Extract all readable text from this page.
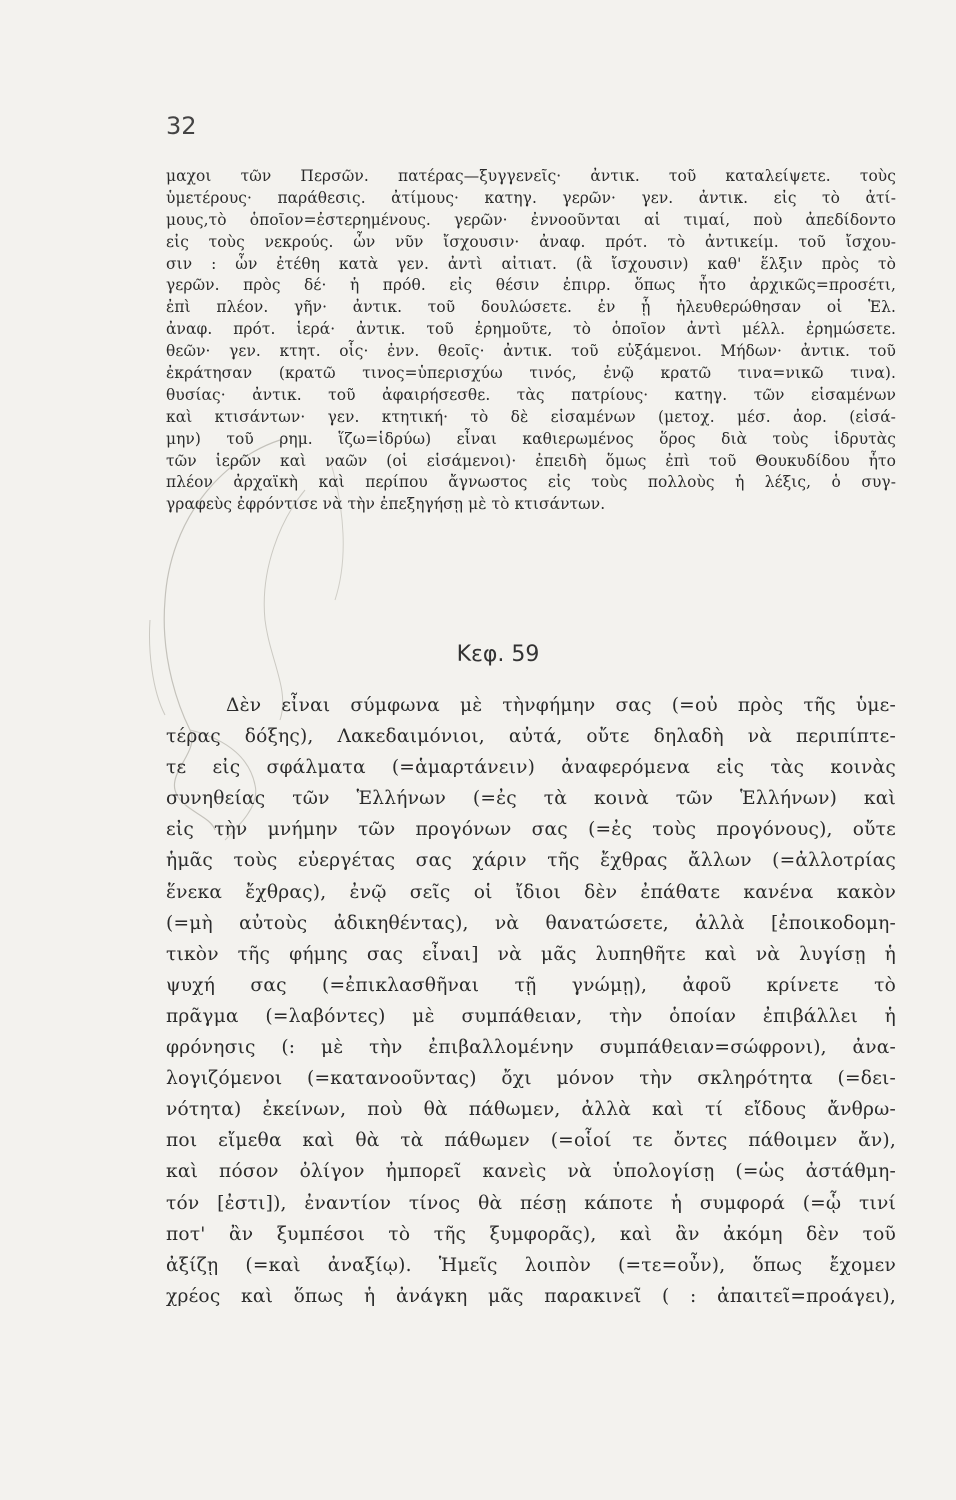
32
μαχοι τῶν Περσῶν. πατέρας—ξυγγενεῖς· ἀντικ. τοῦ καταλείψετε. τοὺς
ὑμετέρους· παράθεσις. ἀτίμους· κατηγ. γερῶν· γεν. ἀντικ. εἰς τὸ ἀτί-
μους,τὸ ὁποῖον=ἐστερημένους. γερῶν· ἐννοοῦνται αἱ τιμαί, ποὺ ἀπεδίδοντο
εἰς τοὺς νεκρούς. ὧν νῦν ἴσχουσιν· ἀναφ. πρότ. τὸ ἀντικείμ. τοῦ ἴσχου-
σιν : ὧν ἐτέθη κατὰ γεν. ἀντὶ αἰτιατ. (ἃ ἴσχουσιν) καθ' ἕλξιν πρὸς τὸ
γερῶν. πρὸς δέ· ἡ πρόθ. εἰς θέσιν ἐπιρρ. ὅπως ἦτο ἀρχικῶς=προσέτι,
ἐπὶ πλέον. γῆν· ἀντικ. τοῦ δουλώσετε. ἐν ᾗ ἠλευθερώθησαν οἱ Ἑλ.
ἀναφ. πρότ. ἱερά· ἀντικ. τοῦ ἐρημοῦτε, τὸ ὁποῖον ἀντὶ μέλλ. ἐρημώσετε.
θεῶν· γεν. κτητ. οἷς· ἐνν. θεοῖς· ἀντικ. τοῦ εὐξάμενοι. Μήδων· ἀντικ. τοῦ
ἐκράτησαν (κρατῶ τινος=ὑπερισχύω τινός, ἐνῷ κρατῶ τινα=νικῶ τινα).
θυσίας· ἀντικ. τοῦ ἀφαιρήσεσθε. τὰς πατρίους· κατηγ. τῶν εἱσαμένων
καὶ κτισάντων· γεν. κτητική· τὸ δὲ εἱσαμένων (μετοχ. μέσ. ἀορ. (εἰσά-
μην) τοῦ ρημ. ἵζω=ἱδρύω) εἶναι καθιερωμένος ὅρος διὰ τοὺς ἱδρυτὰς
τῶν ἱερῶν καὶ ναῶν (οἱ εἱσάμενοι)· ἐπειδὴ ὅμως ἐπὶ τοῦ Θουκυδίδου ἦτο
πλέον ἀρχαϊκὴ καὶ περίπου ἄγνωστος εἰς τοὺς πολλοὺς ἡ λέξις, ὁ συγ-
γραφεὺς ἐφρόντισε νὰ τὴν ἐπεξηγήσῃ μὲ τὸ κτισάντων.
Κεφ. 59
Δὲν εἶναι σύμφωνα μὲ τὴνφήμην σας (=οὐ πρὸς τῆς ὑμε-
τέρας δόξης), Λακεδαιμόνιοι, αὐτά, οὔτε δηλαδὴ νὰ περιπίπτε-
τε εἰς σφάλματα (=ἁμαρτάνειν) ἀναφερόμενα εἰς τὰς κοινὰς
συνηθείας τῶν Ἑλλήνων (=ἐς τὰ κοινὰ τῶν Ἑλλήνων) καὶ
εἰς τὴν μνήμην τῶν προγόνων σας (=ἐς τοὺς προγόνους), οὔτε
ἡμᾶς τοὺς εὐεργέτας σας χάριν τῆς ἔχθρας ἄλλων (=ἀλλοτρίας
ἕνεκα ἔχθρας), ἐνῷ σεῖς οἱ ἴδιοι δὲν ἐπάθατε κανένα κακὸν
(=μὴ αὐτοὺς ἀδικηθέντας), νὰ θανατώσετε, ἀλλὰ [ἐποικοδομη-
τικὸν τῆς φήμης σας εἶναι] νὰ μᾶς λυπηθῆτε καὶ νὰ λυγίσῃ ἡ
ψυχή σας (=ἐπικλασθῆναι τῇ γνώμῃ), ἀφοῦ κρίνετε τὸ
πρᾶγμα (=λαβόντες) μὲ συμπάθειαν, τὴν ὁποίαν ἐπιβάλλει ἡ
φρόνησις (: μὲ τὴν ἐπιβαλλομένην συμπάθειαν=σώφρονι), ἀνα-
λογιζόμενοι (=κατανοοῦντας) ὄχι μόνον τὴν σκληρότητα (=δει-
νότητα) ἐκείνων, ποὺ θὰ πάθωμεν, ἀλλὰ καὶ τί εἴδους ἄνθρω-
ποι εἴμεθα καὶ θὰ τὰ πάθωμεν (=οἷοί τε ὄντες πάθοιμεν ἄν),
καὶ πόσον ὀλίγον ἠμπορεῖ κανεὶς νὰ ὑπολογίσῃ (=ὡς ἀστάθμη-
τόν [ἐστι]), ἐναντίον τίνος θὰ πέσῃ κάποτε ἡ συμφορά (=ᾧ τινί
ποτ' ἂν ξυμπέσοι τὸ τῆς ξυμφορᾶς), καὶ ἂν ἀκόμη δὲν τοῦ
ἀξίζῃ (=καὶ ἀναξίῳ). Ἡμεῖς λοιπὸν (=τε=οὖν), ὅπως ἔχομεν
χρέος καὶ ὅπως ἡ ἀνάγκη μᾶς παρακινεῖ ( : ἀπαιτεῖ=προάγει),
